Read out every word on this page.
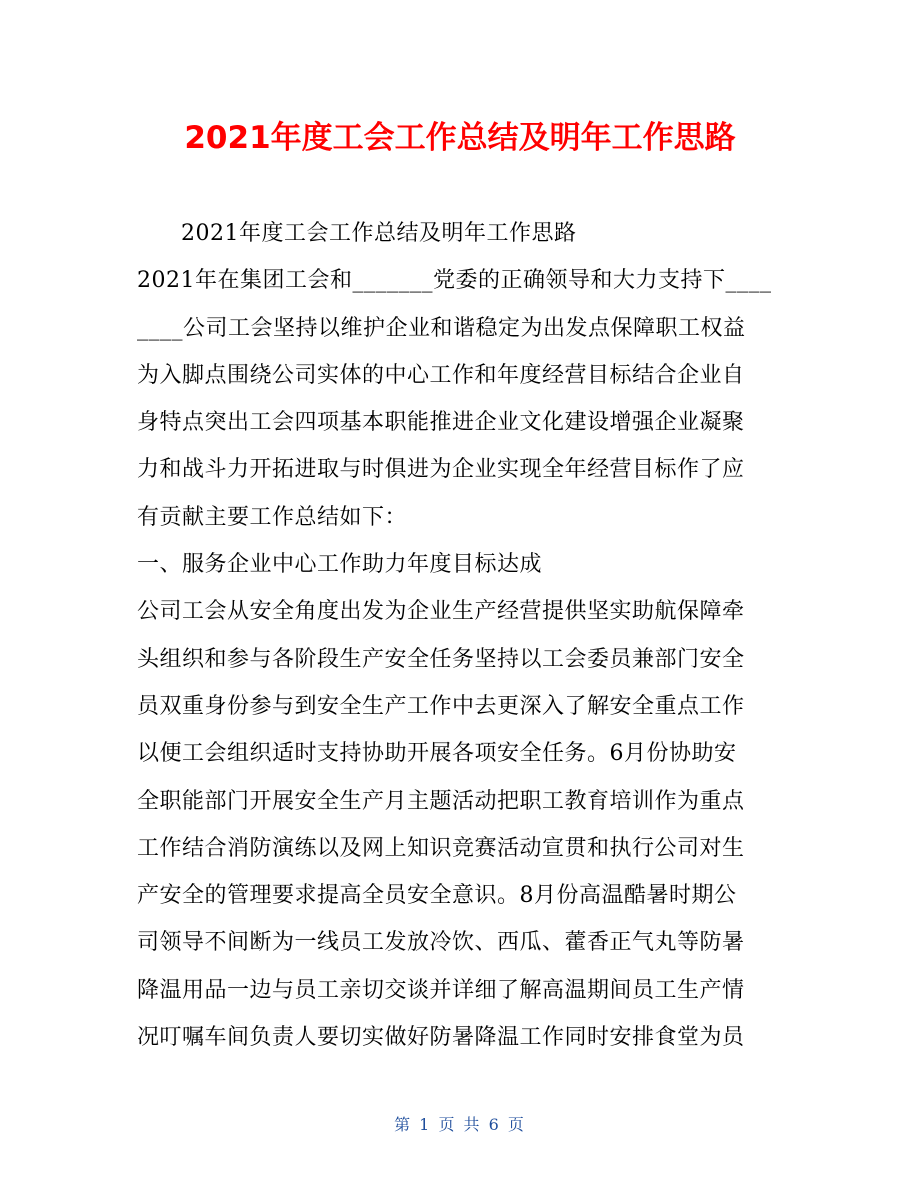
2021年度工会工作总结及明年工作思路
2021年度工会工作总结及明年工作思路
2021年在集团工会和_______党委的正确领导和大力支持下____
____公司工会坚持以维护企业和谐稳定为出发点保障职工权益
为入脚点围绕公司实体的中心工作和年度经营目标结合企业自
身特点突出工会四项基本职能推进企业文化建设增强企业凝聚
力和战斗力开拓进取与时俱进为企业实现全年经营目标作了应
有贡献主要工作总结如下：
一、服务企业中心工作助力年度目标达成
公司工会从安全角度出发为企业生产经营提供坚实助航保障牵
头组织和参与各阶段生产安全任务坚持以工会委员兼部门安全
员双重身份参与到安全生产工作中去更深入了解安全重点工作
以便工会组织适时支持协助开展各项安全任务。6月份协助安
全职能部门开展安全生产月主题活动把职工教育培训作为重点
工作结合消防演练以及网上知识竞赛活动宣贯和执行公司对生
产安全的管理要求提高全员安全意识。8月份高温酷暑时期公
司领导不间断为一线员工发放冷饮、西瓜、藿香正气丸等防暑
降温用品一边与员工亲切交谈并详细了解高温期间员工生产情
况叮嘱车间负责人要切实做好防暑降温工作同时安排食堂为员
第 1 页 共 6 页
